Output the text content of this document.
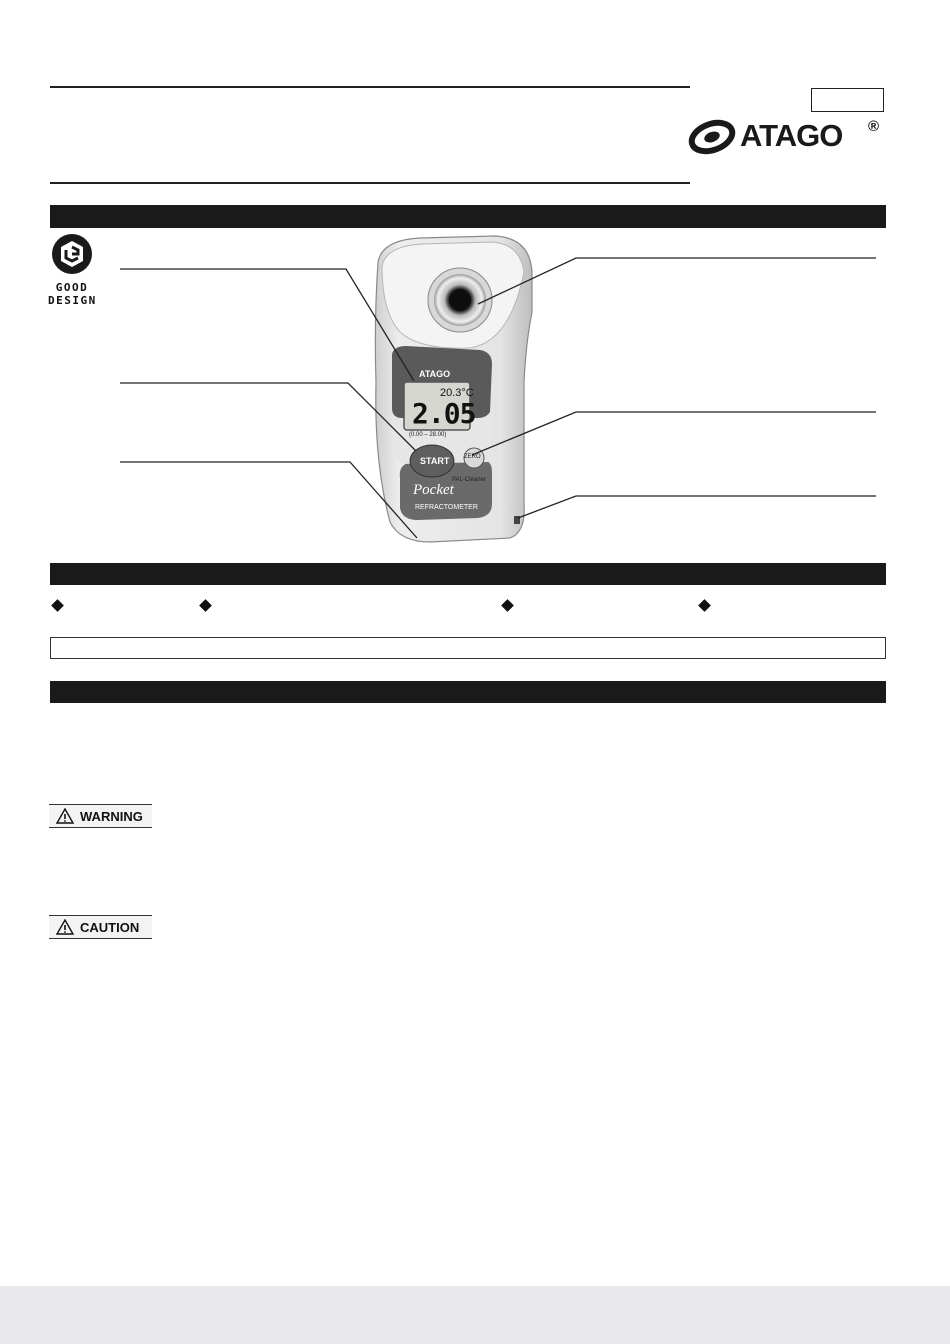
ATAGO ®
GOOD
DESIGN
ATAGO
20.3°C
2.05
(0.00 – 28.00)
START ZERO
PAL-Cleaner
Pocket
REFRACTOMETER
WARNING
CAUTION
